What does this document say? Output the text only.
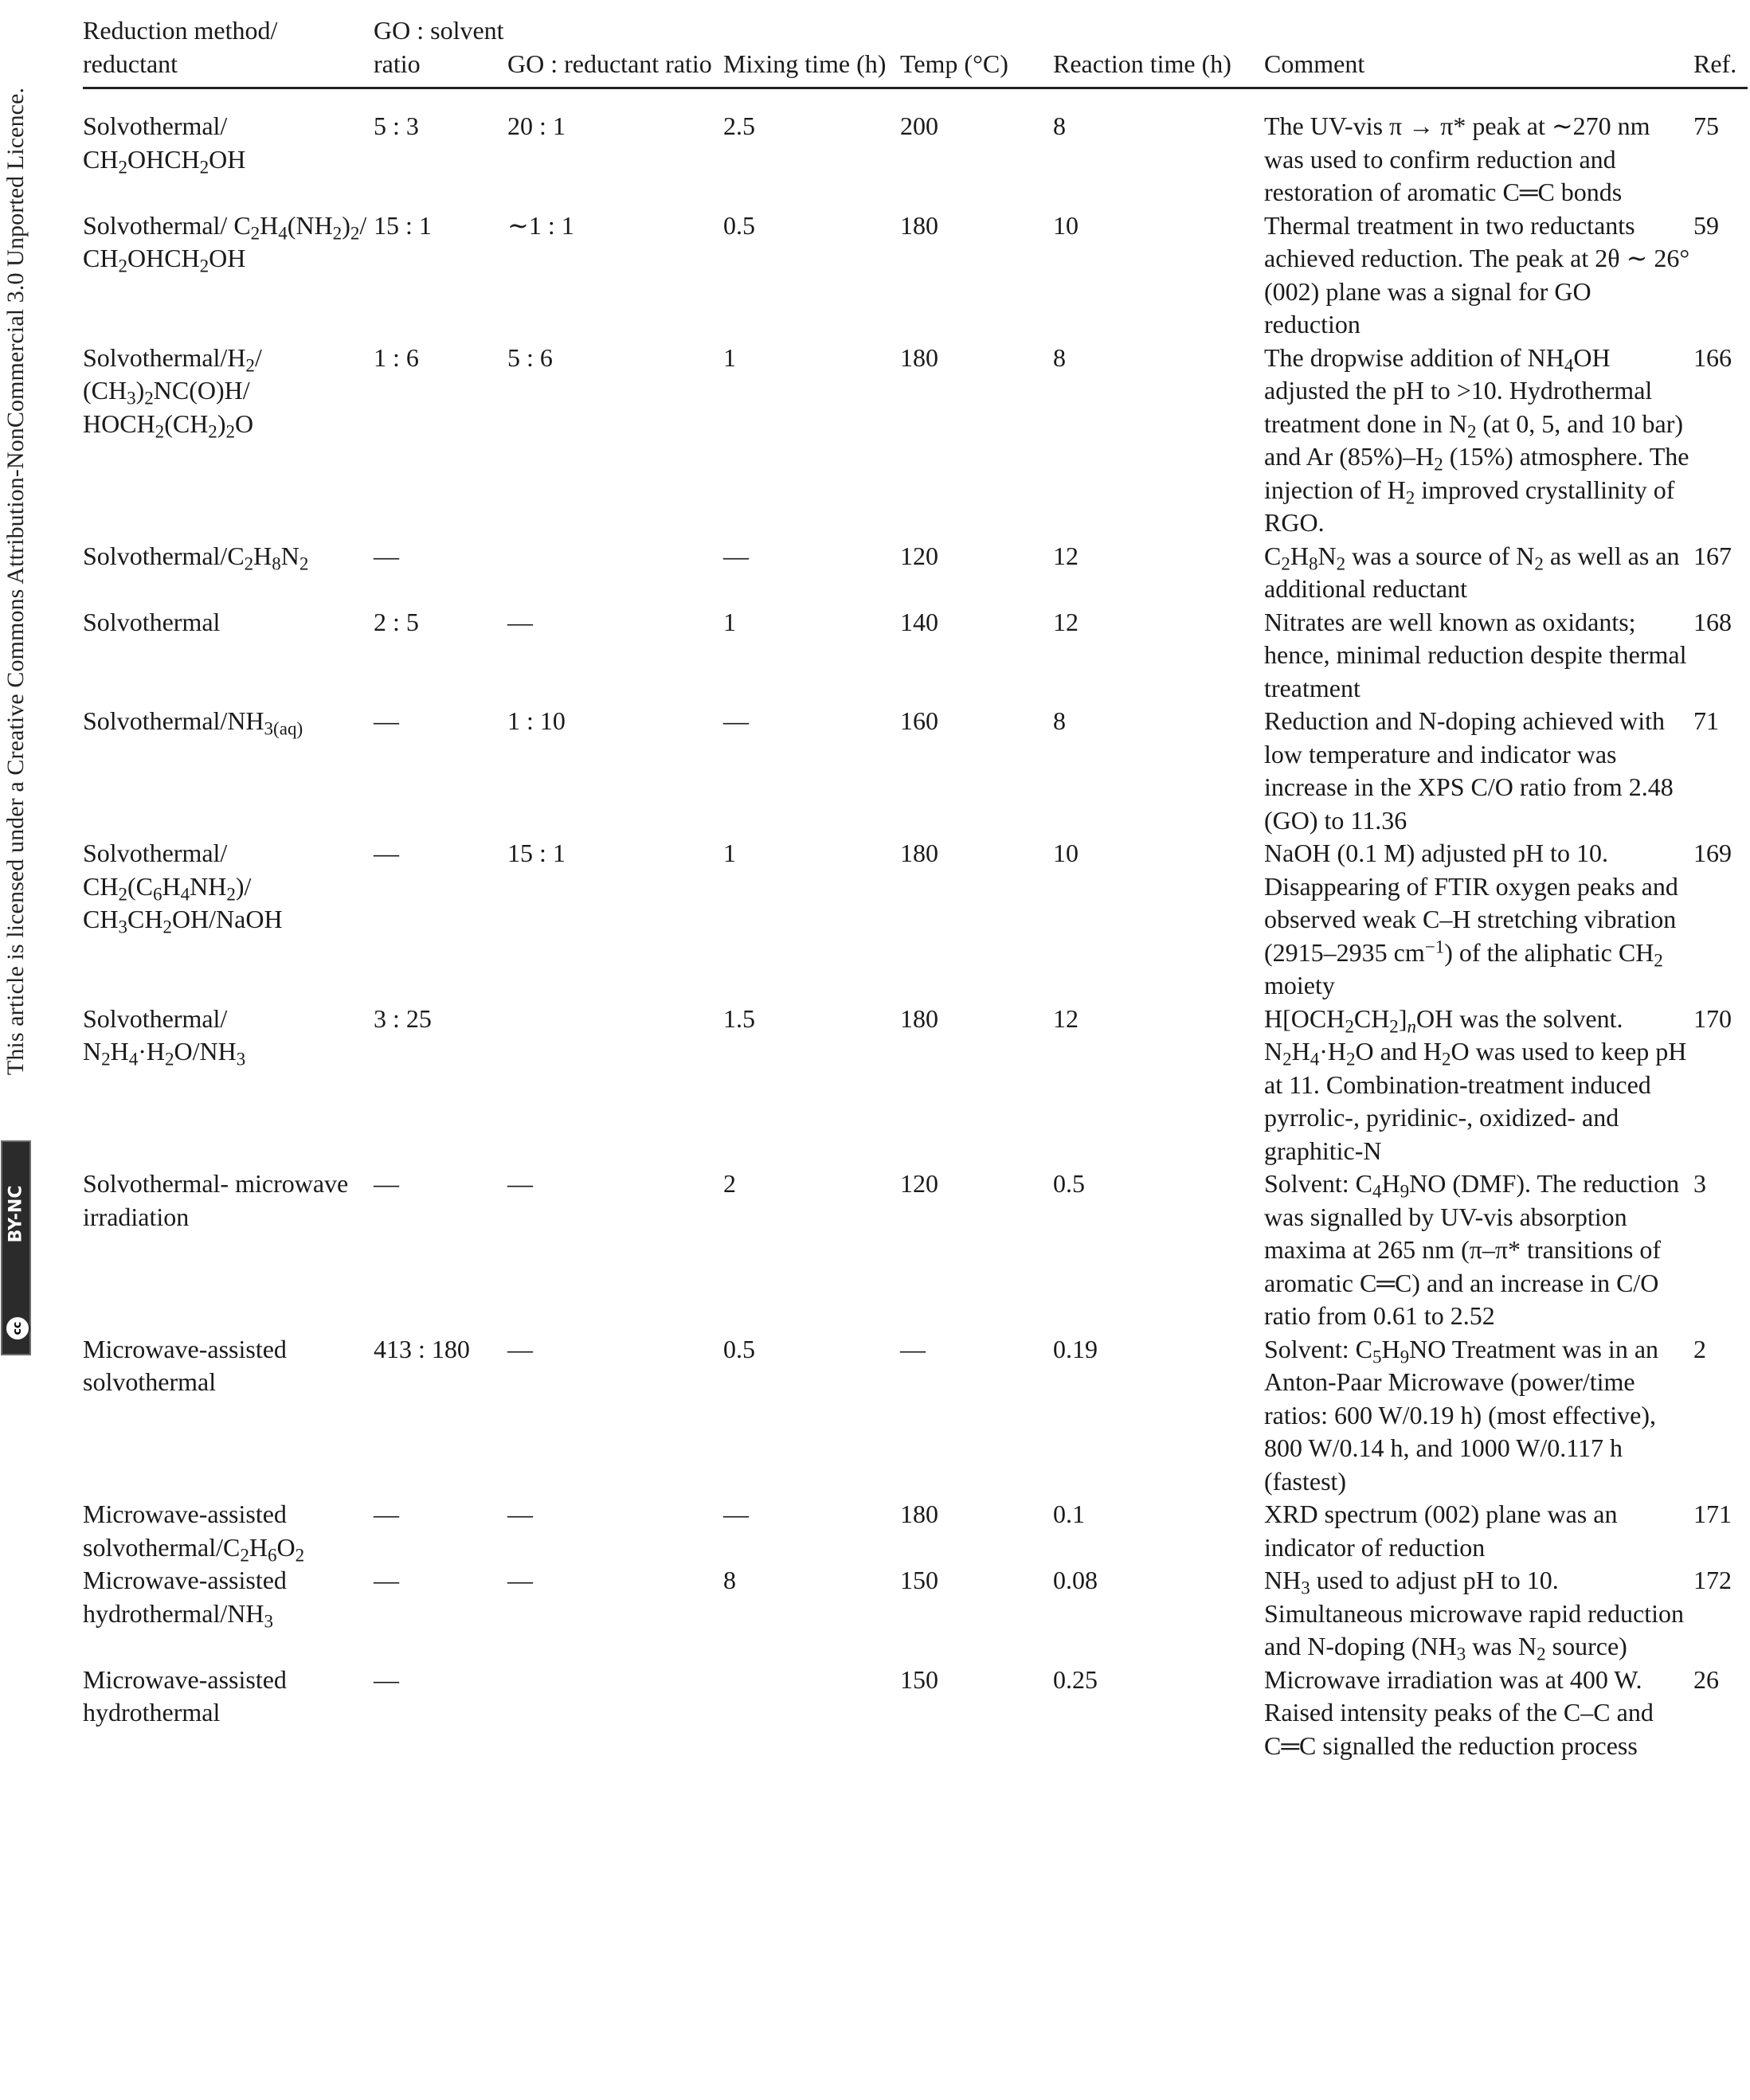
This article is licensed under a Creative Commons Attribution-NonCommercial 3.0 Unported Licence.
BY-NC
cc
Reduction method/ reductant	GO : solvent ratio	GO : reductant ratio	Mixing time (h)	Temp (°C)	Reaction time (h)	Comment	Ref.
Solvothermal/ $CH_2OHCH_2OH$	5 : 3	20 : 1	2.5	200	8	The UV-vis π → π* peak at ∼270 nm was used to confirm reduction and restoration of aromatic C═C bonds	75
Solvothermal/ $C_2H_4(NH_2)_2/$ $CH_2OHCH_2OH$	15 : 1	∼1 : 1	0.5	180	10	Thermal treatment in two reductants achieved reduction. The peak at 2θ ∼ 26° (002) plane was a signal for GO reduction	59
Solvothermal/$H_2/$ $(CH_3)_2NC(O)H/$ $HOCH_2(CH_2)_2O$	1 : 6	5 : 6	1	180	8	The dropwise addition of $NH_4OH$ adjusted the pH to >10. Hydrothermal treatment done in $N_2$ (at 0, 5, and 10 bar) and Ar $(85\%)-H_2$ (15%) atmosphere. The injection of $H_2$ improved crystallinity of RGO.	166
Solvothermal/$C_2H_8N_2$	—		—	120	12	$C_2H_8N_2$ was a source of $N_2$ as well as an additional reductant	167
Solvothermal	2 : 5	—	1	140	12	Nitrates are well known as oxidants; hence, minimal reduction despite thermal treatment	168
Solvothermal/$NH_{3(aq)}$	—	1 : 10	—	160	8	Reduction and N-doping achieved with low temperature and indicator was increase in the XPS C/O ratio from 2.48 (GO) to 11.36	71
Solvothermal/ $CH_2(C_6H_4NH_2)/$ $CH_3CH_2OH$/NaOH	—	15 : 1	1	180	10	NaOH (0.1 M) adjusted pH to 10. Disappearing of FTIR oxygen peaks and observed weak C–H stretching vibration (2915–2935 $cm^{-1}$) of the aliphatic $CH_2$ moiety	169
Solvothermal/ $N_2H_4\cdot H_2O/NH_3$	3 : 25		1.5	180	12	$H[OCH_2CH_2]_nOH$ was the solvent. $N_2H_4\cdot H_2O$ and $H_2O$ was used to keep pH at 11. Combination-treatment induced pyrrolic-, pyridinic-, oxidized- and graphitic-N	170
Solvothermal- microwave irradiation	—	—	2	120	0.5	Solvent: $C_4H_9NO$ (DMF). The reduction was signalled by UV-vis absorption maxima at 265 nm (π–π* transitions of aromatic C═C) and an increase in C/O ratio from 0.61 to 2.52	3
Microwave-assisted solvothermal	413 : 180	—	0.5	—	0.19	Solvent: $C_5H_9NO$ Treatment was in an Anton-Paar Microwave (power/time ratios: 600 W/0.19 h) (most effective), 800 W/0.14 h, and 1000 W/0.117 h (fastest)	2
Microwave-assisted solvothermal/$C_2H_6O_2$	—	—	—	180	0.1	XRD spectrum (002) plane was an indicator of reduction	171
Microwave-assisted hydrothermal/$NH_3$	—	—	8	150	0.08	$NH_3$ used to adjust pH to 10. Simultaneous microwave rapid reduction and N-doping ($NH_3$ was $N_2$ source)	172
Microwave-assisted hydrothermal	—			150	0.25	Microwave irradiation was at 400 W. Raised intensity peaks of the C–C and C═C signalled the reduction process	26
